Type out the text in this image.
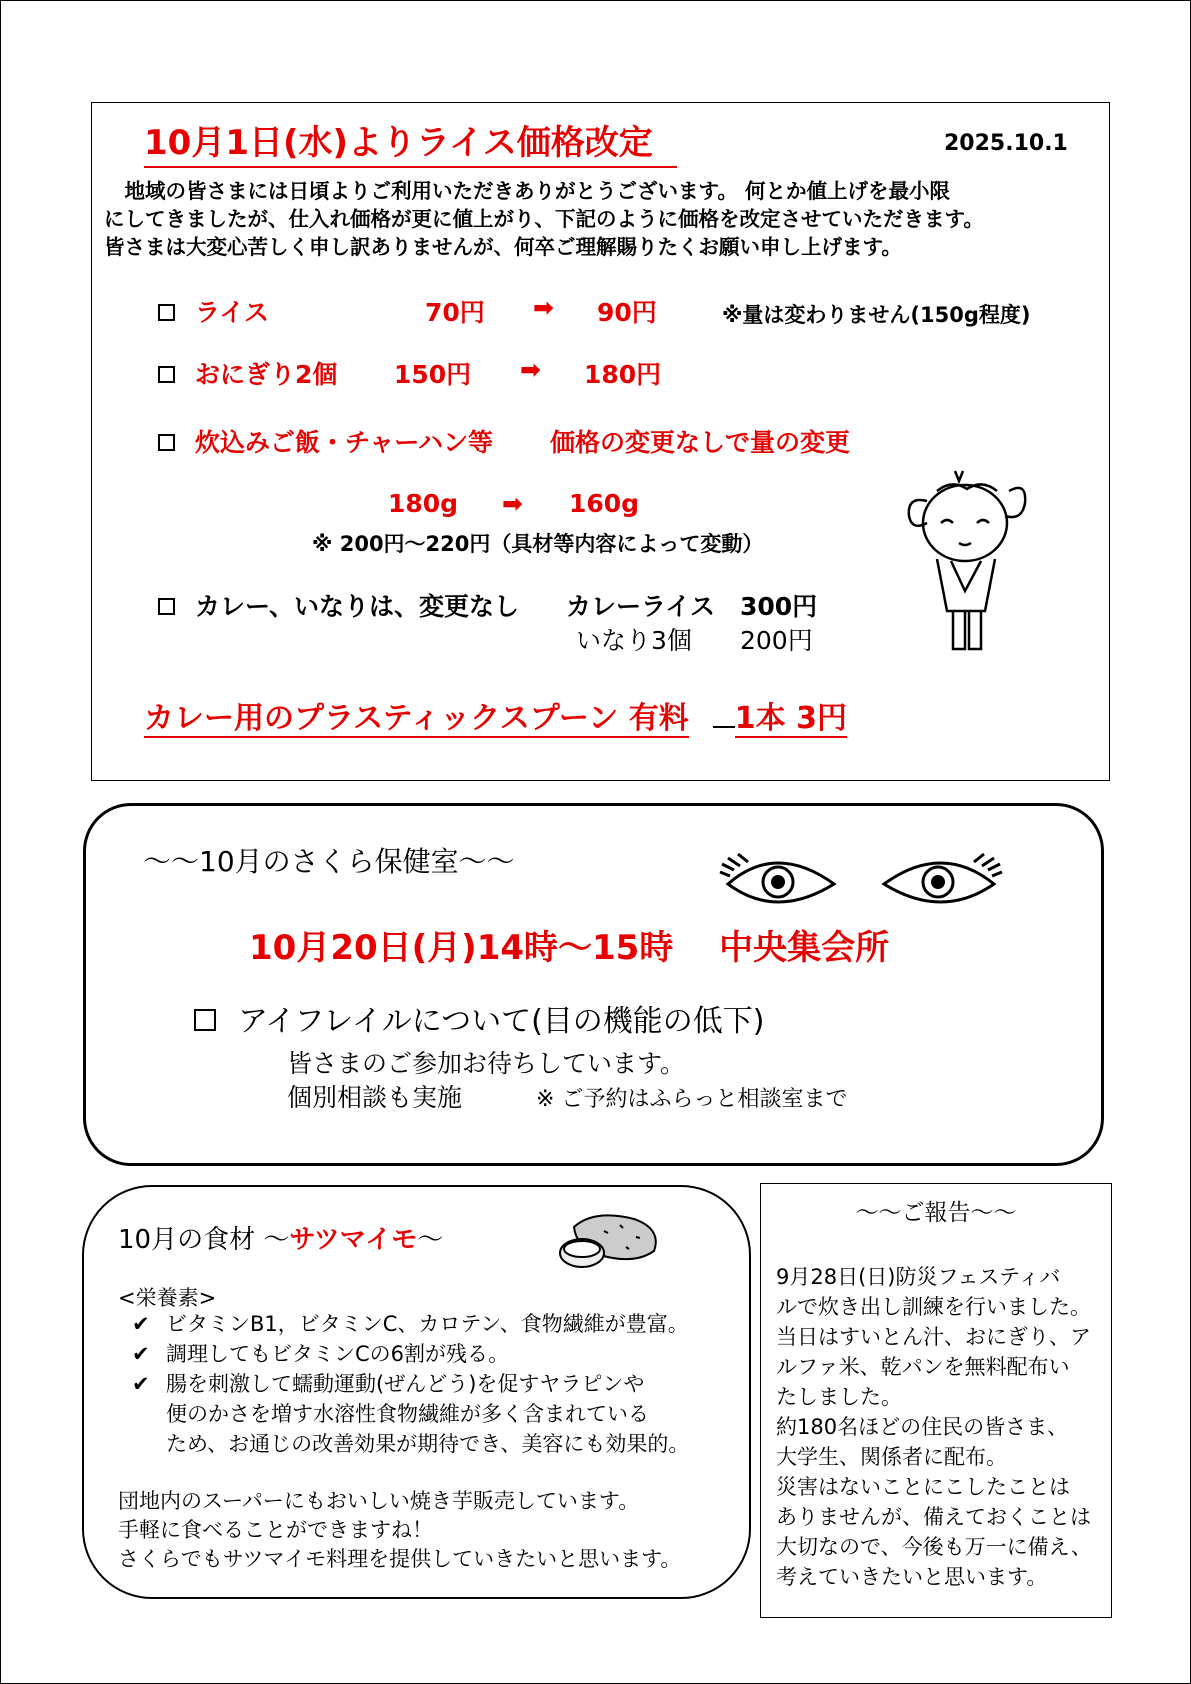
10月1日(水)よりライス価格改定	2025.10.1
　地域の皆さまには日頃よりご利用いただきありがとうございます。 何とか値上げを最小限
にしてきましたが、仕入れ価格が更に値上がり、下記のように価格を改定させていただきます。
皆さまは大変心苦しく申し訳ありませんが、何卒ご理解賜りたくお願い申し上げます。
ライス	70円 ➡ 90円	※量は変わりません(150g程度)
おにぎり2個 150円 ➡ 180円
炊込みご飯・チャーハン等 価格の変更なしで量の変更
180g ➡ 160g
※ 200円～220円（具材等内容によって変動）
カレー、いなりは、変更なし カレーライス 300円
いなり3個 200円
カレー用のプラスティックスプーン 有料 1本 3円
～～10月のさくら保健室～～
10月20日(月)14時～15時　 中央集会所
アイフレイルについて(目の機能の低下)
皆さまのご参加お待ちしています。
個別相談も実施	※ ご予約はふらっと相談室まで
10月の食材 ～サツマイモ～
<栄養素>
✔ ビタミンB1，ビタミンC、カロテン、食物繊維が豊富。
✔ 調理してもビタミンCの6割が残る。
✔ 腸を刺激して蠕動運動(ぜんどう)を促すヤラピンや
便のかさを増す水溶性食物繊維が多く含まれている
ため、お通じの改善効果が期待でき、美容にも効果的。
団地内のスーパーにもおいしい焼き芋販売しています。
手軽に食べることができますね！
さくらでもサツマイモ料理を提供していきたいと思います。
～～ご報告～～
9月28日(日)防災フェスティバ
ルで炊き出し訓練を行いました。
当日はすいとん汁、おにぎり、ア
ルファ米、乾パンを無料配布い
たしました。
約180名ほどの住民の皆さま、
大学生、関係者に配布。
災害はないことにこしたことは
ありませんが、備えておくことは
大切なので、今後も万一に備え、
考えていきたいと思います。
